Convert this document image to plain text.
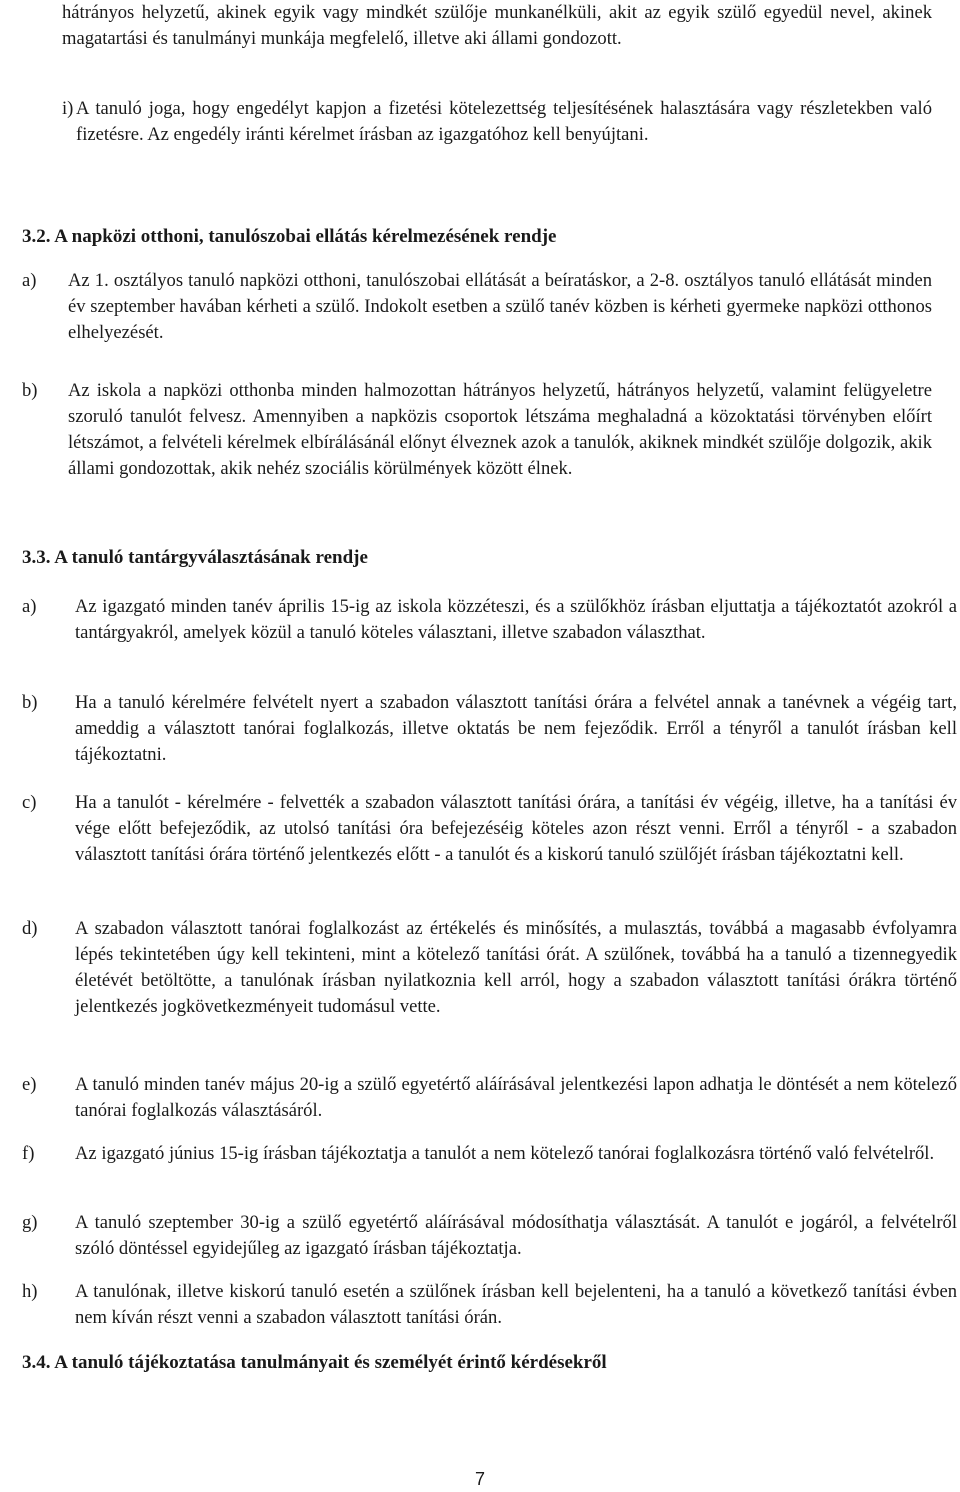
hátrányos helyzetű, akinek egyik vagy mindkét szülője munkanélküli, akit az egyik szülő egyedül nevel, akinek magatartási és tanulmányi munkája megfelelő, illetve aki állami gondozott.
i) A tanuló joga, hogy engedélyt kapjon a fizetési kötelezettség teljesítésének halasztására vagy részletekben való fizetésre. Az engedély iránti kérelmet írásban az igazgatóhoz kell benyújtani.
3.2. A napközi otthoni, tanulószobai ellátás kérelmezésének rendje
a)	Az 1. osztályos tanuló napközi otthoni, tanulószobai ellátását a beíratáskor, a 2-8. osztályos tanuló ellátását minden év szeptember havában kérheti a szülő. Indokolt esetben a szülő tanév közben is kérheti gyermeke napközi otthonos elhelyezését.
b)	Az iskola a napközi otthonba minden halmozottan hátrányos helyzetű, hátrányos helyzetű, valamint felügyeletre szoruló tanulót felvesz. Amennyiben a napközis csoportok létszáma meghaladná a közoktatási törvényben előírt létszámot, a felvételi kérelmek elbírálásánál előnyt élveznek azok a tanulók, akiknek mindkét szülője dolgozik, akik állami gondozottak, akik nehéz szociális körülmények között élnek.
3.3. A tanuló tantárgyválasztásának rendje
a)	Az igazgató minden tanév április 15-ig az iskola közzéteszi, és a szülőkhöz írásban eljuttatja a tájékoztatót azokról a tantárgyakról, amelyek közül a tanuló köteles választani, illetve szabadon választhat.
b)	Ha a tanuló kérelmére felvételt nyert a szabadon választott tanítási órára a felvétel annak a tanévnek a végéig tart, ameddig a választott tanórai foglalkozás, illetve oktatás be nem fejeződik. Erről a tényről a tanulót írásban kell tájékoztatni.
c)	Ha a tanulót - kérelmére - felvették a szabadon választott tanítási órára, a tanítási év végéig, illetve, ha a tanítási év vége előtt befejeződik, az utolsó tanítási óra befejezéséig köteles azon részt venni. Erről a tényről - a szabadon választott tanítási órára történő jelentkezés előtt - a tanulót és a kiskorú tanuló szülőjét írásban tájékoztatni kell.
d)	A szabadon választott tanórai foglalkozást az értékelés és minősítés, a mulasztás, továbbá a magasabb évfolyamra lépés tekintetében úgy kell tekinteni, mint a kötelező tanítási órát. A szülőnek, továbbá ha a tanuló a tizennegyedik életévét betöltötte, a tanulónak írásban nyilatkoznia kell arról, hogy a szabadon választott tanítási órákra történő jelentkezés jogkövetkezményeit tudomásul vette.
e)	A tanuló minden tanév május 20-ig a szülő egyetértő aláírásával jelentkezési lapon adhatja le döntését a nem kötelező tanórai foglalkozás választásáról.
f)	Az igazgató június 15-ig írásban tájékoztatja a tanulót a nem kötelező tanórai foglalkozásra történő való felvételről.
g)	A tanuló szeptember 30-ig a szülő egyetértő aláírásával módosíthatja választását. A tanulót e jogáról, a felvételről szóló döntéssel egyidejűleg az igazgató írásban tájékoztatja.
h)	A tanulónak, illetve kiskorú tanuló esetén a szülőnek írásban kell bejelenteni, ha a tanuló a következő tanítási évben nem kíván részt venni a szabadon választott tanítási órán.
3.4. A tanuló tájékoztatása tanulmányait és személyét érintő kérdésekről
7
